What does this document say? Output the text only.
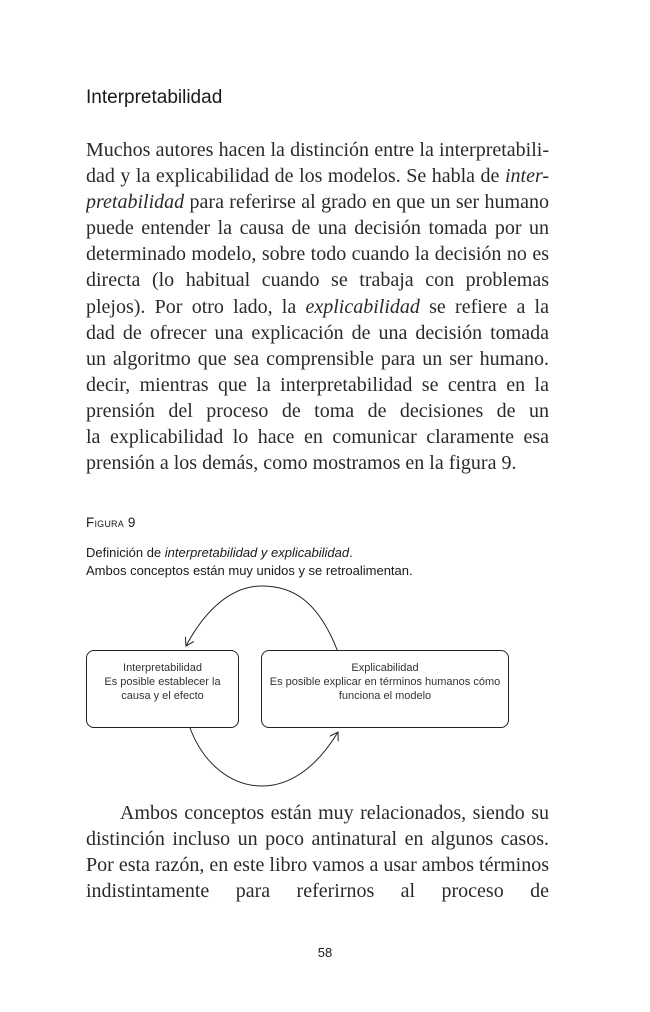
Interpretabilidad
Muchos autores hacen la distinción entre la interpretabili-
dad y la explicabilidad de los modelos. Se habla de inter-
pretabilidad para referirse al grado en que un ser humano
puede entender la causa de una decisión tomada por un
determinado modelo, sobre todo cuando la decisión no es
directa (lo habitual cuando se trabaja con problemas
plejos). Por otro lado, la explicabilidad se refiere a la
dad de ofrecer una explicación de una decisión tomada
un algoritmo que sea comprensible para un ser humano.
decir, mientras que la interpretabilidad se centra en la
prensión del proceso de toma de decisiones de un
la explicabilidad lo hace en comunicar claramente esa
prensión a los demás, como mostramos en la figura 9.
Figura 9
Definición de interpretabilidad y explicabilidad.
Ambos conceptos están muy unidos y se retroalimentan.
Interpretabilidad
Es posible establecer la
causa y el efecto
Explicabilidad
Es posible explicar en términos humanos cómo
funciona el modelo
Ambos conceptos están muy relacionados, siendo su
distinción incluso un poco antinatural en algunos casos.
Por esta razón, en este libro vamos a usar ambos términos
indistintamente para referirnos al proceso de
58
